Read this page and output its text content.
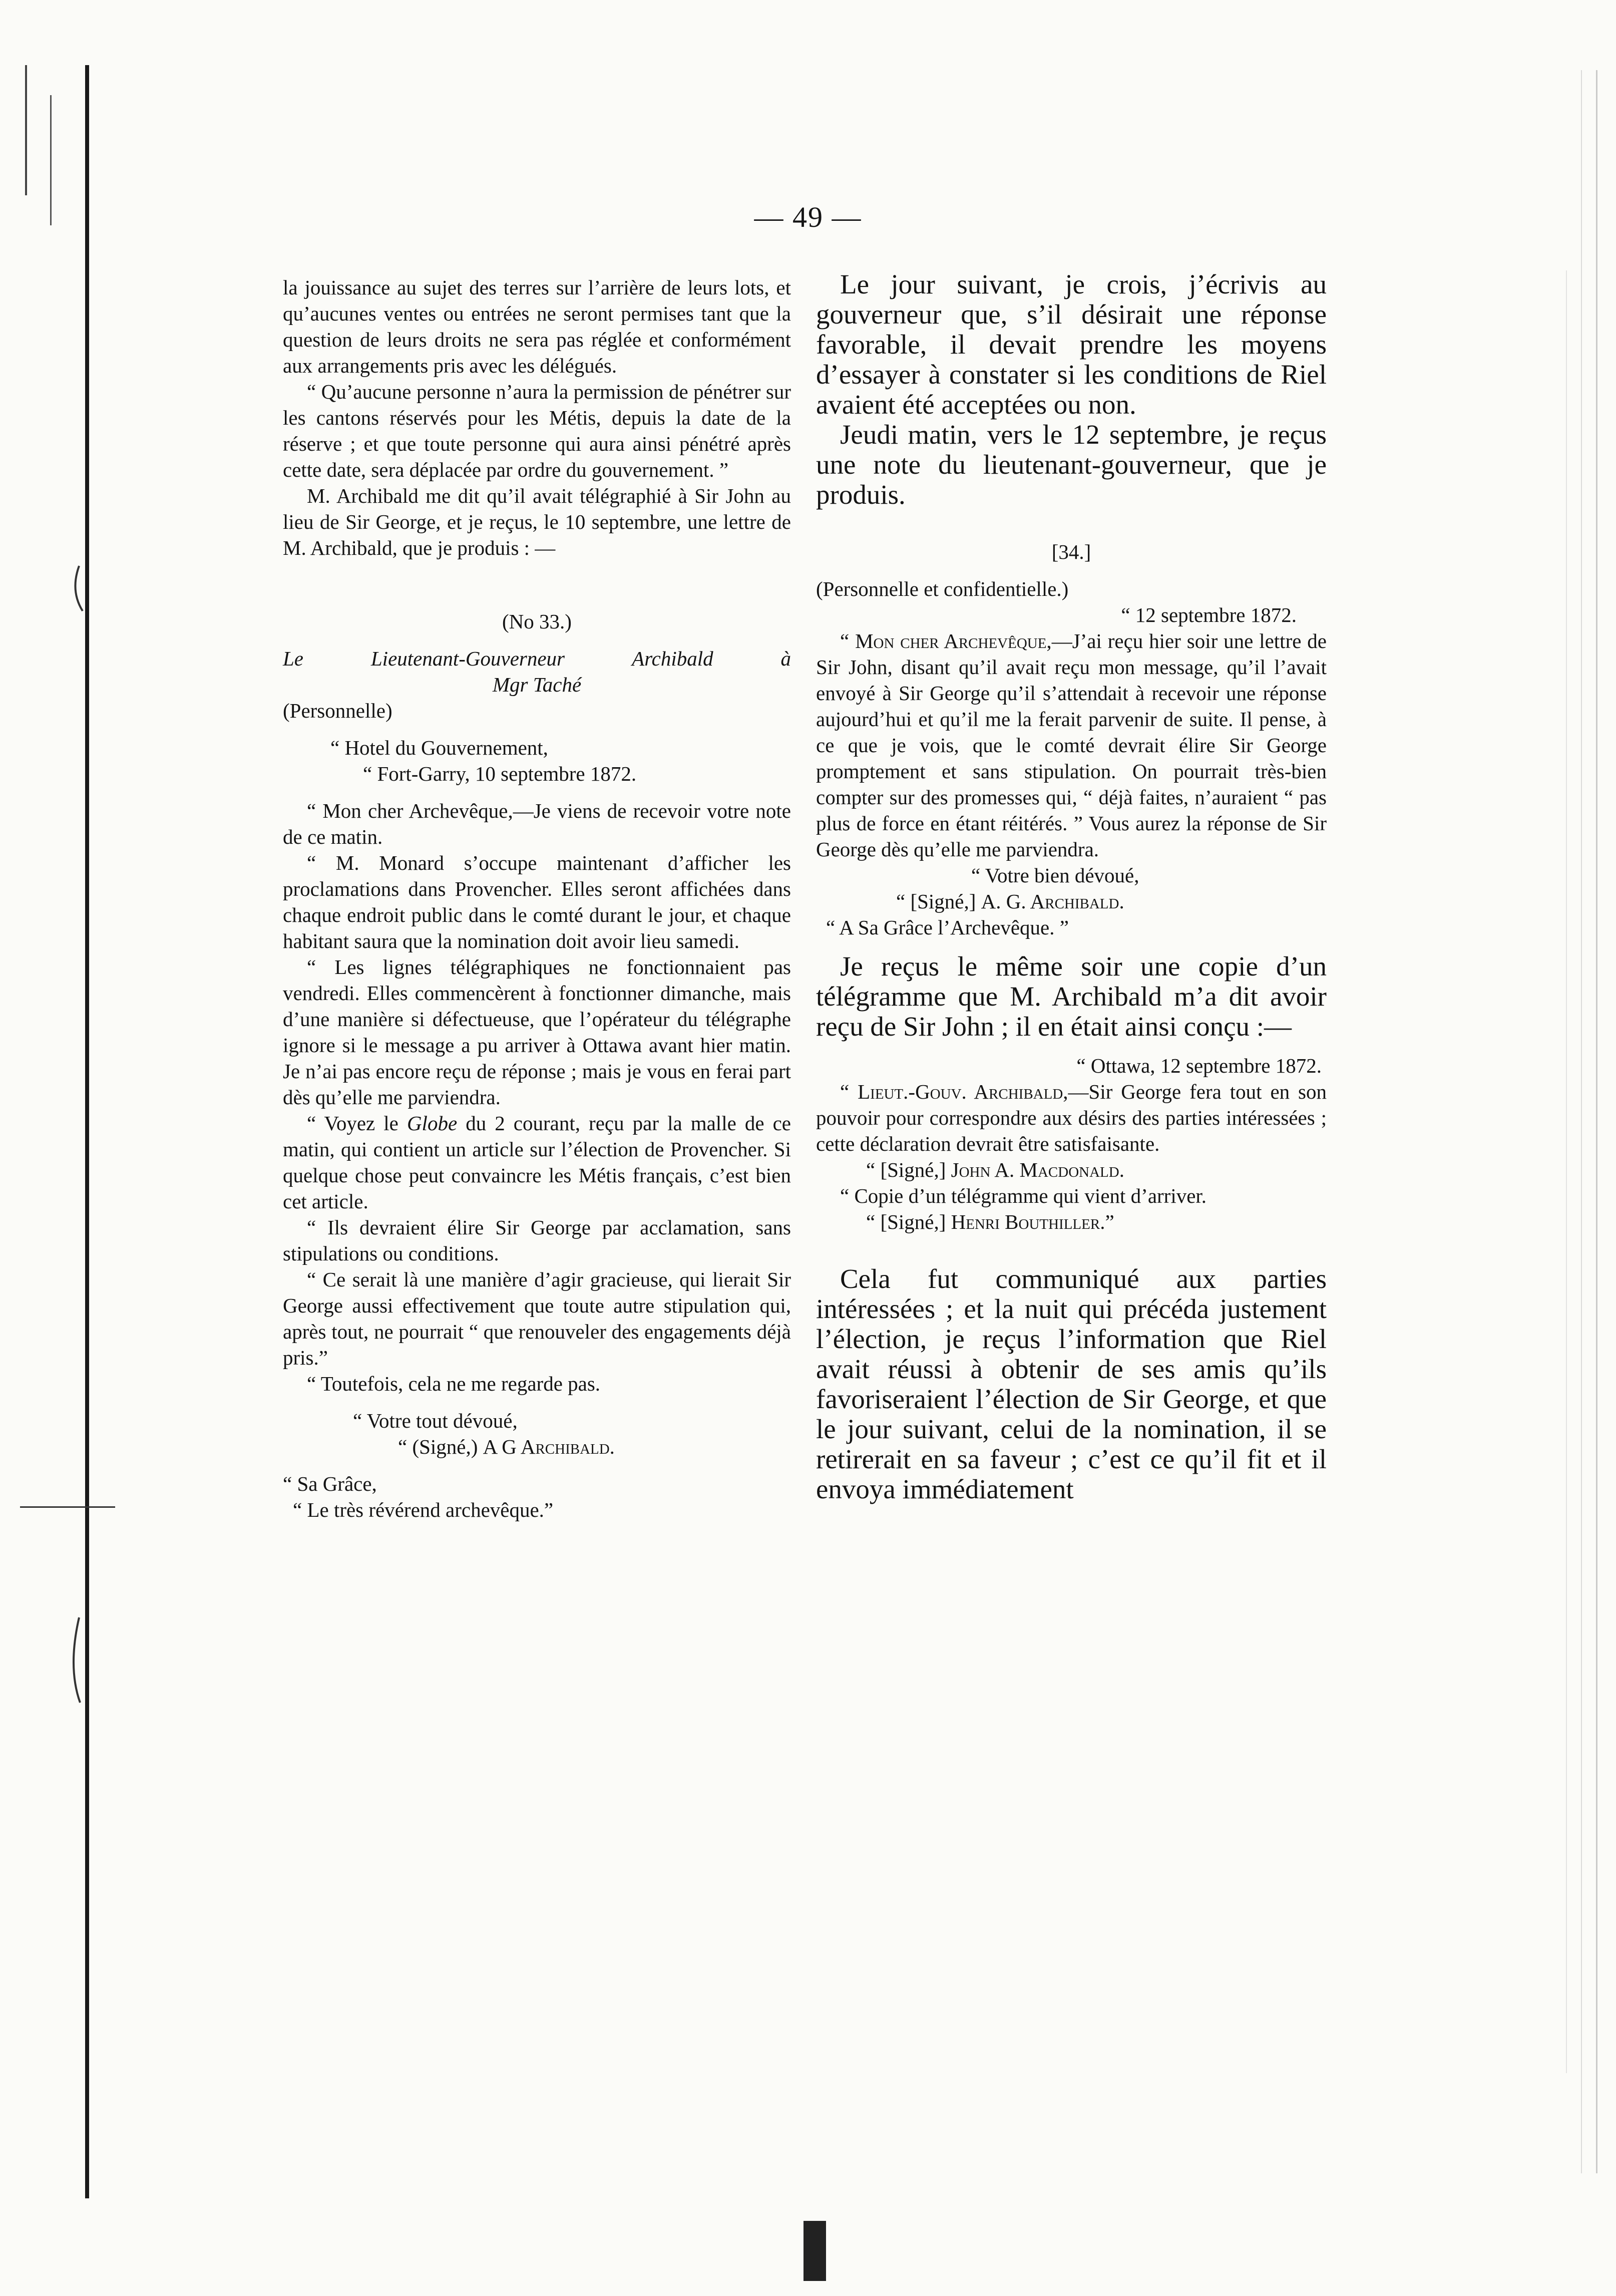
— 49 —

la jouissance au sujet des terres sur l’arrière de leurs lots, et qu’aucunes ventes ou entrées ne seront permises tant que la question de leurs droits ne sera pas réglée et conformément aux arrangements pris avec les délégués.

“ Qu’aucune personne n’aura la permission de pénétrer sur les cantons réservés pour les Métis, depuis la date de la réserve ; et que toute personne qui aura ainsi pénétré après cette date, sera déplacée par ordre du gouvernement. ”

M. Archibald me dit qu’il avait télégraphié à Sir John au lieu de Sir George, et je reçus, le 10 septembre, une lettre de M. Archibald, que je produis : —

(No 33.)

Le Lieutenant-Gouverneur Archibald à

Mgr Taché

(Personnelle)

“ Hotel du Gouvernement,

“ Fort-Garry, 10 septembre 1872.

“ Mon cher Archevêque,—Je viens de recevoir votre note de ce matin.

“ M. Monard s’occupe maintenant d’afficher les proclamations dans Provencher. Elles seront affichées dans chaque endroit public dans le comté durant le jour, et chaque habitant saura que la nomination doit avoir lieu samedi.

“ Les lignes télégraphiques ne fonctionnaient pas vendredi. Elles commencèrent à fonctionner dimanche, mais d’une manière si défectueuse, que l’opérateur du télégraphe ignore si le message a pu arriver à Ottawa avant hier matin. Je n’ai pas encore reçu de réponse ; mais je vous en ferai part dès qu’elle me parviendra.

“ Voyez le Globe du 2 courant, reçu par la malle de ce matin, qui contient un article sur l’élection de Provencher. Si quelque chose peut convaincre les Métis français, c’est bien cet article.

“ Ils devraient élire Sir George par acclamation, sans stipulations ou conditions.

“ Ce serait là une manière d’agir gracieuse, qui lierait Sir George aussi effectivement que toute autre stipulation qui, après tout, ne pourrait “ que renouveler des engagements déjà pris.”

“ Toutefois, cela ne me regarde pas.

“ Votre tout dévoué,

“ (Signé,) A G Archibald.

“ Sa Grâce,

“ Le très révérend archevêque.”

Le jour suivant, je crois, j’écrivis au gouverneur que, s’il désirait une réponse favorable, il devait prendre les moyens d’essayer à constater si les conditions de Riel avaient été acceptées ou non.

Jeudi matin, vers le 12 septembre, je reçus une note du lieutenant-gouverneur, que je produis.

[34.]

(Personnelle et confidentielle.)

“ 12 septembre 1872.

“ Mon cher Archevêque,—J’ai reçu hier soir une lettre de Sir John, disant qu’il avait reçu mon message, qu’il l’avait envoyé à Sir George qu’il s’attendait à recevoir une réponse aujourd’hui et qu’il me la ferait parvenir de suite. Il pense, à ce que je vois, que le comté devrait élire Sir George promptement et sans stipulation. On pourrait très-bien compter sur des promesses qui, “ déjà faites, n’auraient “ pas plus de force en étant réitérés. ” Vous aurez la réponse de Sir George dès qu’elle me parviendra.

“ Votre bien dévoué,

“ [Signé,] A. G. Archibald.

“ A Sa Grâce l’Archevêque. ”

Je reçus le même soir une copie d’un télégramme que M. Archibald m’a dit avoir reçu de Sir John ; il en était ainsi conçu :—

“ Ottawa, 12 septembre 1872.

“ Lieut.-Gouv. Archibald,—Sir George fera tout en son pouvoir pour correspondre aux désirs des parties intéressées ; cette déclaration devrait être satisfaisante.

“ [Signé,] John A. Macdonald.

“ Copie d’un télégramme qui vient d’arriver.

“ [Signé,] Henri Bouthiller.”

Cela fut communiqué aux parties intéressées ; et la nuit qui précéda justement l’élection, je reçus l’information que Riel avait réussi à obtenir de ses amis qu’ils favoriseraient l’élection de Sir George, et que le jour suivant, celui de la nomination, il se retirerait en sa faveur ; c’est ce qu’il fit et il envoya immédiatement
